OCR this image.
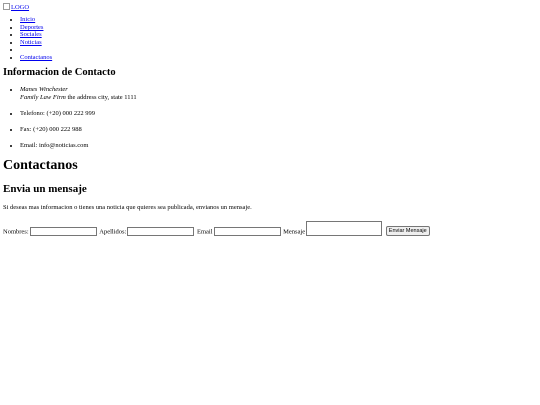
LOGO
• Inicio
• Deportes
• Sociales
• Noticias
•
• Contactanos
Informacion de Contacto
• Manes Winchester
Family Law Firm the address city, state 1111
• Telefono: (+20) 000 222 999
• Fax: (+20) 000 222 988
• Email: info@noticias.com
Contactanos
Envia un mensaje

Si deseas mas informacion o tienes una noticia que quieres sea publicada, envianos un mensaje.

Nombres:	Apellidos:	Email	Mensaje	Enviar Mensaje
